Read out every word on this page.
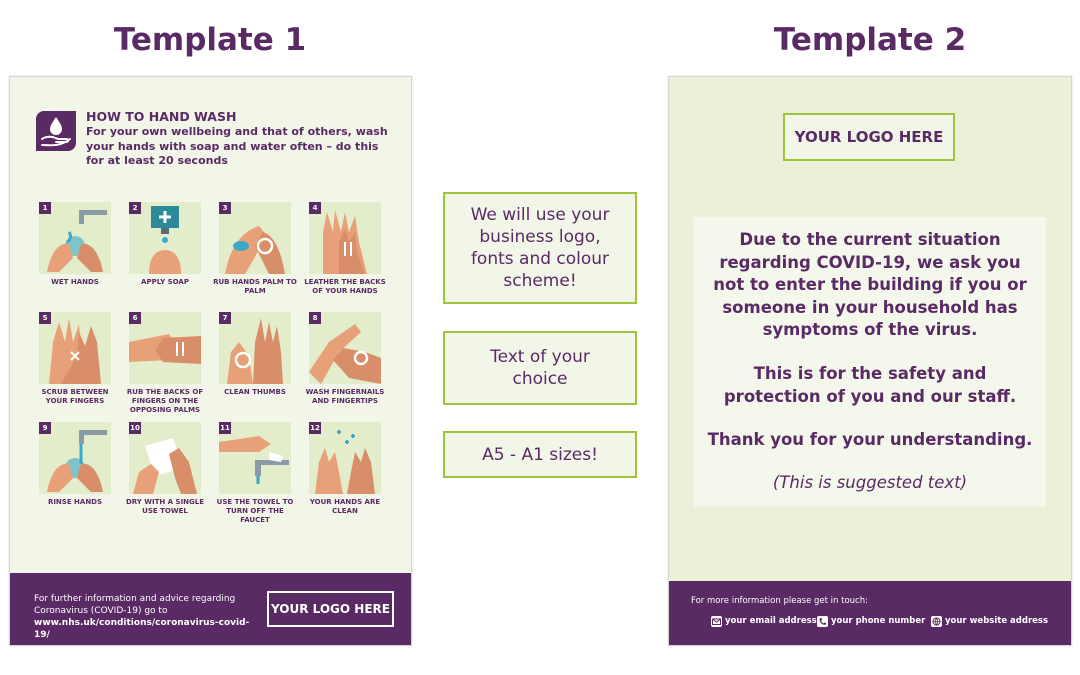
Template 1	Template 2
HOW TO HAND WASH
For your own wellbeing and that of others, wash your hands with soap and water often – do this for at least 20 seconds
1
WET HANDS
2
APPLY SOAP
3
RUB HANDS PALM TO PALM
4
LEATHER THE BACKS OF YOUR HANDS
5
SCRUB BETWEEN YOUR FINGERS
6
RUB THE BACKS OF FINGERS ON THE OPPOSING PALMS
7
CLEAN THUMBS
8
WASH FINGERNAILS AND FINGERTIPS
9
RINSE HANDS
10
DRY WITH A SINGLE USE TOWEL
11
USE THE TOWEL TO TURN OFF THE FAUCET
12
YOUR HANDS ARE CLEAN
For further information and advice regarding Coronavirus (COVID-19) go to
www.nhs.uk/conditions/coronavirus-covid-19/
YOUR LOGO HERE
We will use your business logo, fonts and colour scheme!
Text of your choice
A5 - A1 sizes!
YOUR LOGO HERE
Due to the current situation regarding COVID-19, we ask you not to enter the building if you or someone in your household has symptoms of the virus.
This is for the safety and protection of you and our staff.
Thank you for your understanding.
(This is suggested text)
For more information please get in touch:
your email address your phone number your website address
